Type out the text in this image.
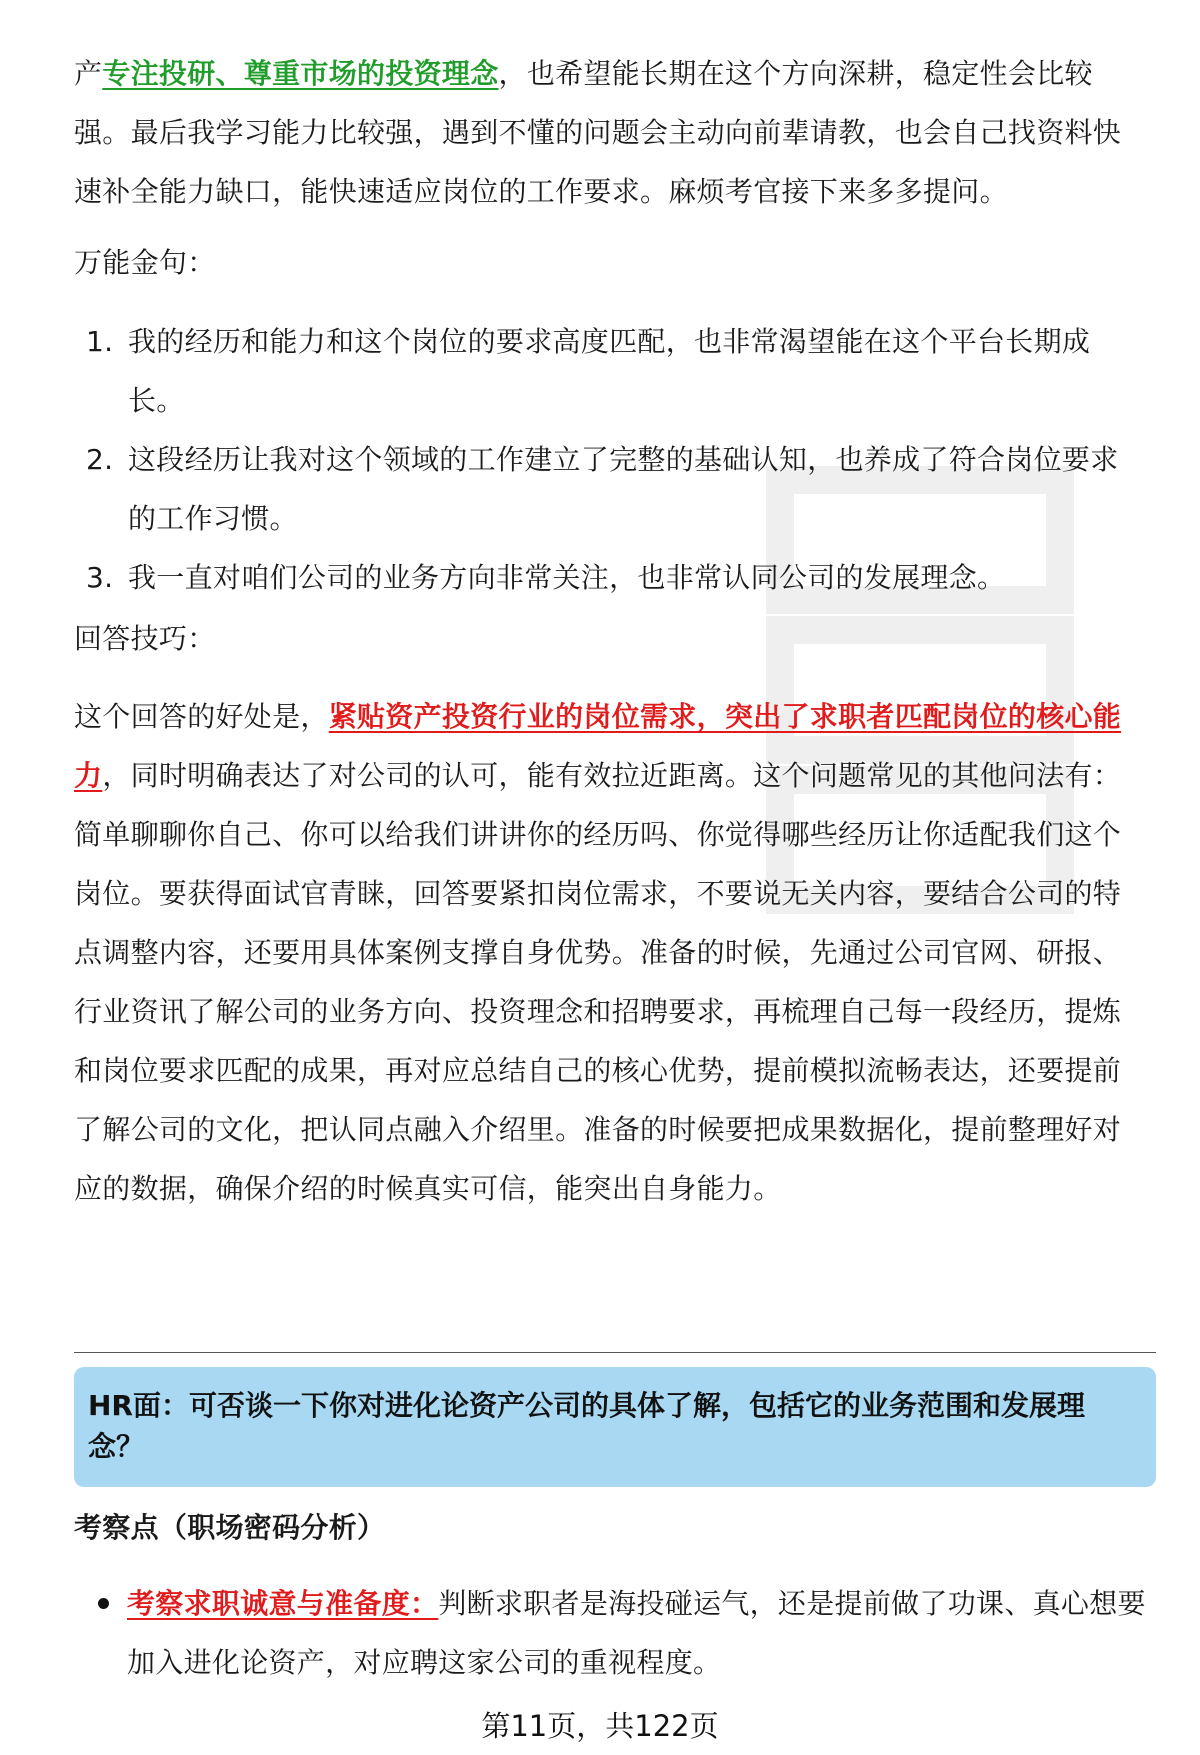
产专注投研、尊重市场的投资理念，也希望能长期在这个方向深耕，稳定性会比较强。最后我学习能力比较强，遇到不懂的问题会主动向前辈请教，也会自己找资料快速补全能力缺口，能快速适应岗位的工作要求。麻烦考官接下来多多提问。

万能金句：

1. 我的经历和能力和这个岗位的要求高度匹配，也非常渴望能在这个平台长期成长。
2. 这段经历让我对这个领域的工作建立了完整的基础认知，也养成了符合岗位要求的工作习惯。
3. 我一直对咱们公司的业务方向非常关注，也非常认同公司的发展理念。

回答技巧：

这个回答的好处是，紧贴资产投资行业的岗位需求，突出了求职者匹配岗位的核心能力，同时明确表达了对公司的认可，能有效拉近距离。这个问题常见的其他问法有：简单聊聊你自己、你可以给我们讲讲你的经历吗、你觉得哪些经历让你适配我们这个岗位。要获得面试官青睐，回答要紧扣岗位需求，不要说无关内容，要结合公司的特点调整内容，还要用具体案例支撑自身优势。准备的时候，先通过公司官网、研报、行业资讯了解公司的业务方向、投资理念和招聘要求，再梳理自己每一段经历，提炼和岗位要求匹配的成果，再对应总结自己的核心优势，提前模拟流畅表达，还要提前了解公司的文化，把认同点融入介绍里。准备的时候要把成果数据化，提前整理好对应的数据，确保介绍的时候真实可信，能突出自身能力。

HR面：可否谈一下你对进化论资产公司的具体了解，包括它的业务范围和发展理念？

考察点（职场密码分析）

考察求职诚意与准备度：判断求职者是海投碰运气，还是提前做了功课、真心想要加入进化论资产，对应聘这家公司的重视程度。
第11页，共122页
